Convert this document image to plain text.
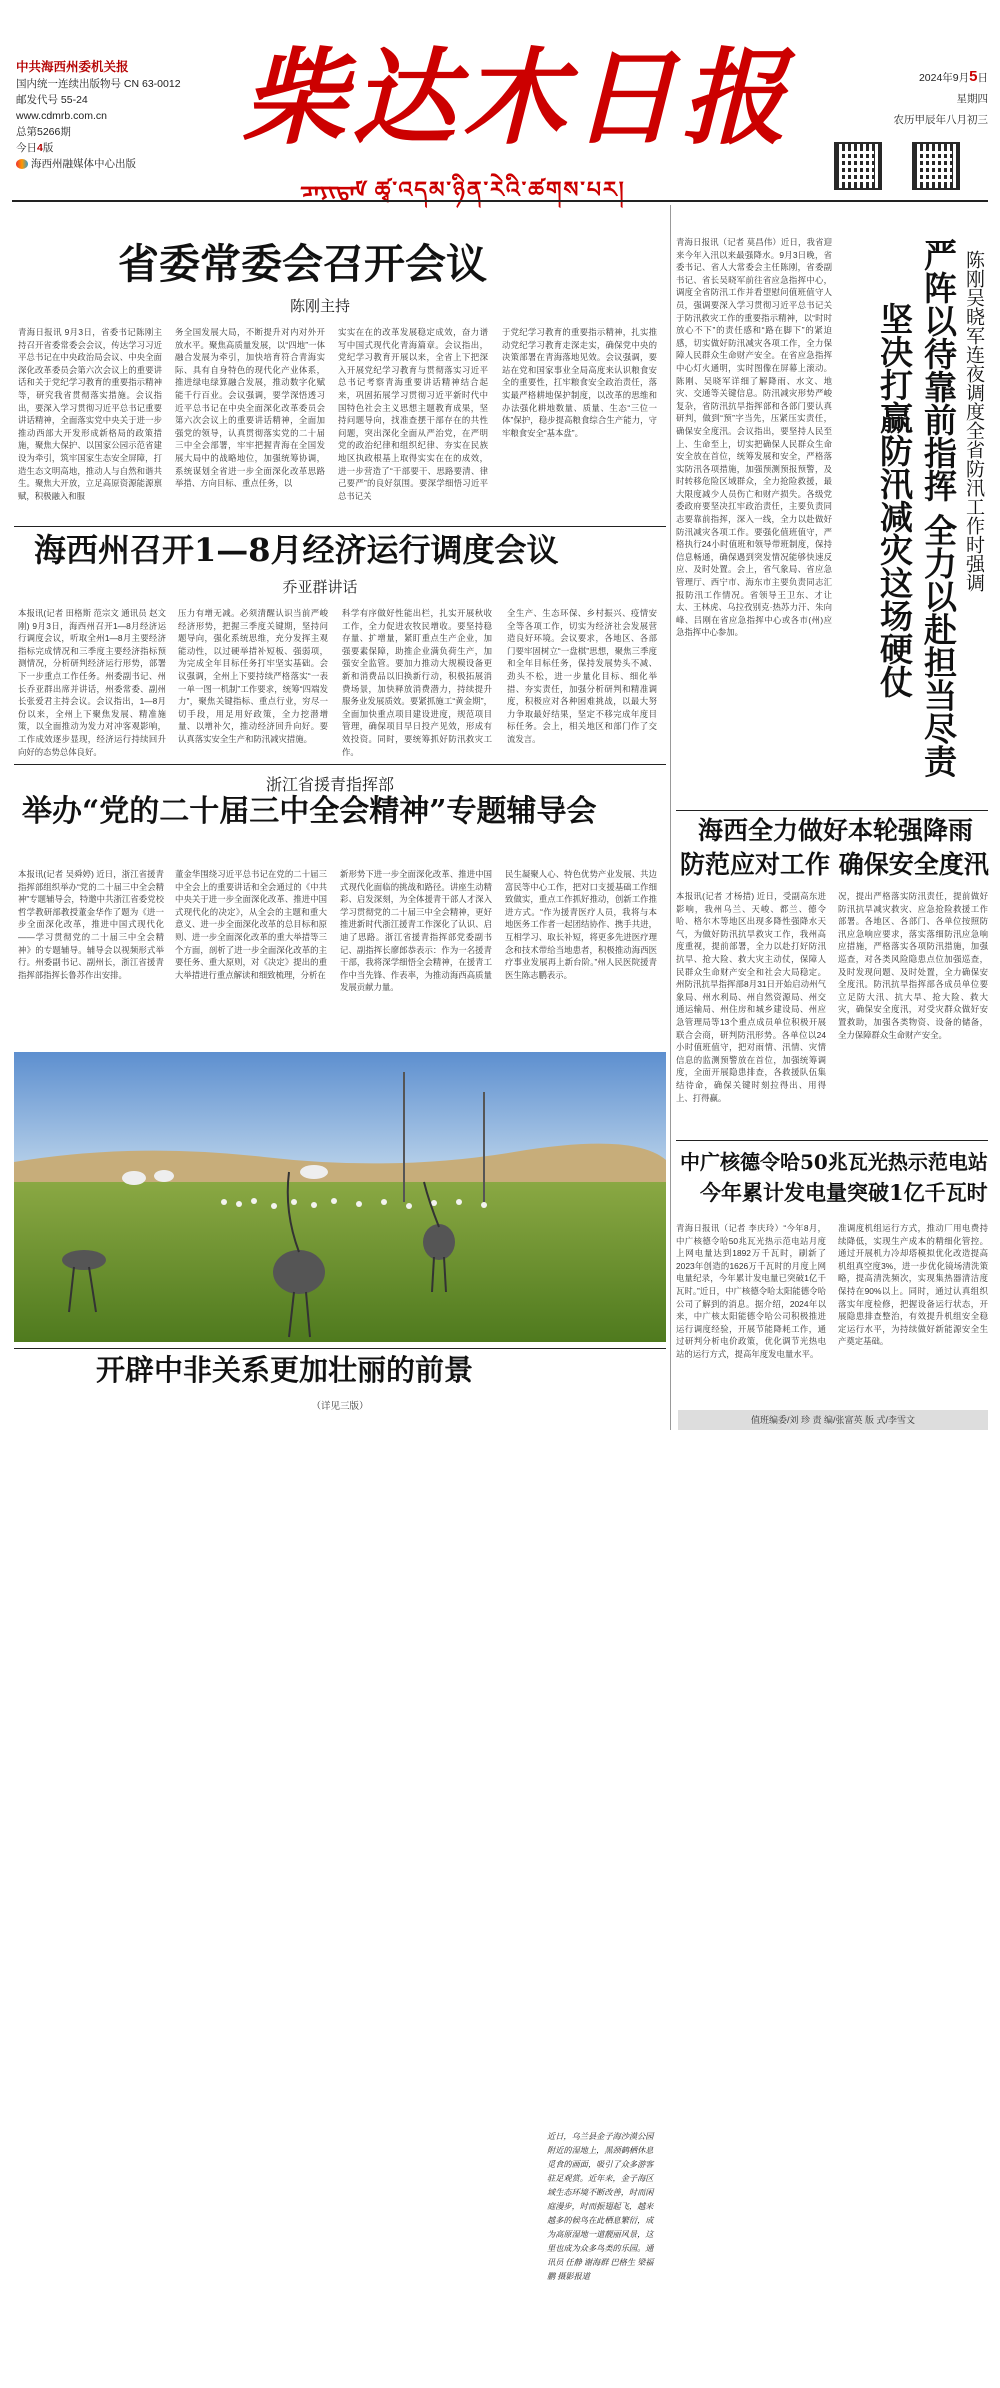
中共海西州委机关报
国内统一连续出版物号 CN 63-0012
邮发代号 55-24
www.cdmrb.com.cn
总第5266期
今日4版
海西州融媒体中心出版
柴达木日报
ᠴᠠᠶᠢᠳᠠᠮ ཚྭ་འདམ་ཉིན་རེའི་ཚགས་པར།
2024年9月5日
星期四
农历甲辰年八月初三
省委常委会召开会议
陈刚主持
青海日报讯 9月3日，省委书记陈刚主持召开省委常委会会议，传达学习习近平总书记在中央政治局会议、中央全面深化改革委员会第六次会议上的重要讲话和关于党纪学习教育的重要指示精神等，研究我省贯彻落实措施。会议指出，要深入学习贯彻习近平总书记重要讲话精神，全面落实党中央关于进一步推动西部大开发形成新格局的政策措施，聚焦大保护、以国家公园示范省建设为牵引，筑牢国家生态安全屏障，打造生态文明高地，推动人与自然和谐共生。聚焦大开放，立足高原资源能源禀赋，积极融入和服
务全国发展大局，不断提升对内对外开放水平。聚焦高质量发展，以“四地”一体融合发展为牵引，加快培育符合青海实际、具有自身特色的现代化产业体系，推进绿电绿算融合发展，推动数字化赋能千行百业。会议强调，要学深悟透习近平总书记在中央全面深化改革委员会第六次会议上的重要讲话精神，全面加强党的领导，认真贯彻落实党的二十届三中全会部署，牢牢把握青海在全国发展大局中的战略地位，加强统筹协调，系统谋划全省进一步全面深化改革思路举措、方向目标、重点任务，以
实实在在的改革发展稳定成效，奋力谱写中国式现代化青海篇章。会议指出，党纪学习教育开展以来，全省上下把深入开展党纪学习教育与贯彻落实习近平总书记考察青海重要讲话精神结合起来，巩固拓展学习贯彻习近平新时代中国特色社会主义思想主题教育成果，坚持问题导向，找准查摆干部存在的共性问题，突出深化全面从严治党，在严明党的政治纪律和组织纪律、夯实在民族地区执政根基上取得实实在在的成效，进一步营造了“干部要干、思路要清、律己要严”的良好氛围。要深学细悟习近平总书记关
于党纪学习教育的重要指示精神，扎实推动党纪学习教育走深走实，确保党中央的决策部署在青海落地见效。会议强调，要站在党和国家事业全局高度来认识粮食安全的重要性，扛牢粮食安全政治责任，落实最严格耕地保护制度，以改革的思维和办法强化耕地数量、质量、生态“三位一体”保护，稳步提高粮食综合生产能力，守牢粮食安全“基本盘”。
海西州召开1—8月经济运行调度会议
乔亚群讲话
本报讯(记者 田格斯 范宗文 通讯员 赵文刚) 9月3日，海西州召开1—8月经济运行调度会议，听取全州1—8月主要经济指标完成情况和三季度主要经济指标预测情况，分析研判经济运行形势，部署下一步重点工作任务。州委副书记、州长乔亚群出席并讲话，州委常委、副州长张爱君主持会议。会议指出，1—8月份以来，全州上下聚焦发展、精准施策，以全面推动为发力对冲客观影响，工作成效逐步显现，经济运行持续回升向好的态势总体良好。
压力有增无减。必须清醒认识当前严峻经济形势，把握三季度关键期，坚持问题导向，强化系统思维，充分发挥主观能动性，以过硬举措补短板、强弱项，为完成全年目标任务打牢坚实基础。会议强调，全州上下要持续严格落实“一表一单一图一机制”工作要求，统筹“四端发力”，聚焦关键指标、重点行业，穷尽一切手段，用足用好政策，全力挖潜增量、以增补欠，推动经济回升向好。要认真落实安全生产和防汛减灾措施。
科学有序做好性能出栏，扎实开展秋收工作，全力促进农牧民增收。要坚持稳存量、扩增量，紧盯重点生产企业，加强要素保障，助推企业满负荷生产，加强安全监管。要加力推动大规模设备更新和消费品以旧换新行动，积极拓展消费场景，加快释放消费潜力，持续提升服务业发展质效。要紧抓施工“黄金期”，全面加快重点项目建设进度，规范项目管理，确保项目早日投产见效，形成有效投资。同时，要统筹抓好防汛救灾工作。
全生产、生态环保、乡村振兴、疫情安全等各项工作，切实为经济社会发展营造良好环境。会议要求，各地区、各部门要牢固树立“一盘棋”思想，聚焦三季度和全年目标任务，保持发展势头不减、劲头不松，进一步量化目标、细化举措、夯实责任，加强分析研判和精准调度，积极应对各种困难挑战，以最大努力争取最好结果，坚定不移完成年度目标任务。会上，相关地区和部门作了交流发言。
浙江省援青指挥部
举办“党的二十届三中全会精神”专题辅导会
本报讯(记者 吴舜婷) 近日，浙江省援青指挥部组织举办“党的二十届三中全会精神”专题辅导会，特邀中共浙江省委党校哲学教研部教授董金华作了题为《进一步全面深化改革，推进中国式现代化——学习贯彻党的二十届三中全会精神》的专题辅导。辅导会以视频形式举行。州委副书记、副州长，浙江省援青指挥部指挥长鲁苏作出安排。
董金华围绕习近平总书记在党的二十届三中全会上的重要讲话和全会通过的《中共中央关于进一步全面深化改革、推进中国式现代化的决定》，从全会的主题和重大意义、进一步全面深化改革的总目标和原则、进一步全面深化改革的重大举措等三个方面，剖析了进一步全面深化改革的主要任务、重大原则，对《决定》提出的重大举措进行重点解读和细致梳理，分析在
新形势下进一步全面深化改革、推进中国式现代化面临的挑战和路径。讲座生动精彩、启发深刻，为全体援青干部人才深入学习贯彻党的二十届三中全会精神，更好推进新时代浙江援青工作深化了认识、启迪了思路。浙江省援青指挥部党委副书记、副指挥长廖郎恭表示：作为一名援青干部，我将深学细悟全会精神，在援青工作中当先锋、作表率，为推动海西高质量发展贡献力量。
民生凝聚人心、特色优势产业发展、共边富民等中心工作，把对口支援基础工作细致做实，重点工作抓好推动，创新工作推进方式。“作为援青医疗人员，我将与本地医务工作者一起团结协作、携手共进，互相学习、取长补短，将更多先进医疗理念和技术带给当地患者，积极推动海西医疗事业发展再上新台阶。”州人民医院援青医生陈志鹏表示。
近日，乌兰县金子海沙漠公园附近的湿地上，黑颈鹤栖休息觅食的画面，吸引了众多游客驻足观赏。近年来，金子海区域生态环境不断改善，时而闲庭漫步，时而振翅起飞，越来越多的候鸟在此栖息繁衍，成为高原湿地一道靓丽风景，这里也成为众多鸟类的乐园。通讯员 任静 谢海群 巴格生 梁福鹏 摄影报道
开辟中非关系更加壮丽的前景
（详见三版）
青海日报讯（记者 莫昌伟）近日，我省迎来今年入汛以来最强降水。9月3日晚，省委书记、省人大常委会主任陈刚，省委副书记、省长吴晓军前往省应急指挥中心，调度全省防汛工作并看望慰问值班值守人员，强调要深入学习贯彻习近平总书记关于防汛救灾工作的重要指示精神，以“时时放心不下”的责任感和“路在脚下”的紧迫感，切实做好防汛减灾各项工作，全力保障人民群众生命财产安全。在省应急指挥中心灯火通明，实时图像在屏幕上滚动。陈刚、吴晓军详细了解降雨、水文、地灾、交通等关键信息。防汛减灾形势严峻复杂，省防汛抗旱指挥部和各部门要认真研判，做到“预”字当先，压紧压实责任，确保安全度汛。会议指出，要坚持人民至上、生命至上，切实把确保人民群众生命安全放在首位，统筹发展和安全，严格落实防汛各项措施，加强预测预报预警，及时转移危险区域群众，全力抢险救援，最大限度减少人员伤亡和财产损失。各级党委政府要坚决扛牢政治责任，主要负责同志要靠前指挥，深入一线，全力以赴做好防汛减灾各项工作。要强化值班值守，严格执行24小时值班和领导带班制度，保持信息畅通，确保遇到突发情况能够快速反应、及时处置。会上，省气象局、省应急管理厅、西宁市、海东市主要负责同志汇报防汛工作情况。省领导王卫东、才让太、王林虎、乌拉孜别克·热苏力汗、朱向峰、吕刚在省应急指挥中心或各市(州)应急指挥中心参加。	严阵以待靠前指挥 全力以赴担当尽责
坚决打赢防汛减灾这场硬仗	陈刚吴晓军连夜调度全省防汛工作时强调
海西全力做好本轮强降雨
防范应对工作 确保安全度汛
本报讯(记者 才杨措) 近日，受副高东进影响，我州乌兰、天峻、都兰、德令哈、格尔木等地区出现多降性强降水天气，为做好防汛抗旱救灾工作，我州高度重视，提前部署，全力以赴打好防汛抗旱、抢大险、救大灾主动仗，保障人民群众生命财产安全和社会大局稳定。州防汛抗旱指挥部8月31日开始启动州气象局、州水利局、州自然资源局、州交通运输局、州住房和城乡建设局、州应急管理局等13个重点成员单位积极开展联合会商，研判防汛形势。各单位以24小时值班值守，把对雨情、汛情、灾情信息的监测预警放在首位，加强统筹调度，全面开展隐患排查，各救援队伍集结待命，确保关键时刻拉得出、用得上、打得赢。
况，提出严格落实防汛责任，提前做好防汛抗旱减灾救灾、应急抢险救援工作部署。各地区、各部门、各单位按照防汛应急响应要求，落实落细防汛应急响应措施，严格落实各项防汛措施，加强巡查，对各类风险隐患点位加强巡查，及时发现问题、及时处置，全力确保安全度汛。防汛抗旱指挥部各成员单位要立足防大汛、抗大旱、抢大险、救大灾，确保安全度汛，对受灾群众做好安置救助，加强各类物资、设备的储备，全力保障群众生命财产安全。
中广核德令哈50兆瓦光热示范电站
今年累计发电量突破1亿千瓦时
青海日报讯（记者 李庆玲）“今年8月，中广核德令哈50兆瓦光热示范电站月度上网电量达到1892万千瓦时，刷新了2023年创造的1626万千瓦时的月度上网电量纪录，今年累计发电量已突破1亿千瓦时。”近日，中广核德令哈太阳能德令哈公司了解到的消息。据介绍，2024年以来，中广核太阳能德令哈公司积极推进运行调度经验，开展节能降耗工作，通过研判分析电价政策，优化调节光热电站的运行方式，提高年度发电量水平。
准调度机组运行方式，推动厂用电费持续降低，实现生产成本的精细化管控。通过开展机力冷却塔模拟优化改造提高机组真空度3%，进一步优化镜场清洗策略，提高清洗频次，实现集热器清洁度保持在90%以上。同时，通过认真组织落实年度检修，把握设备运行状态，开展隐患排查整治，有效提升机组安全稳定运行水平，为持续做好新能源安全生产奠定基础。
值班编委/刘 珍 责 编/张富英 版 式/李雪文
